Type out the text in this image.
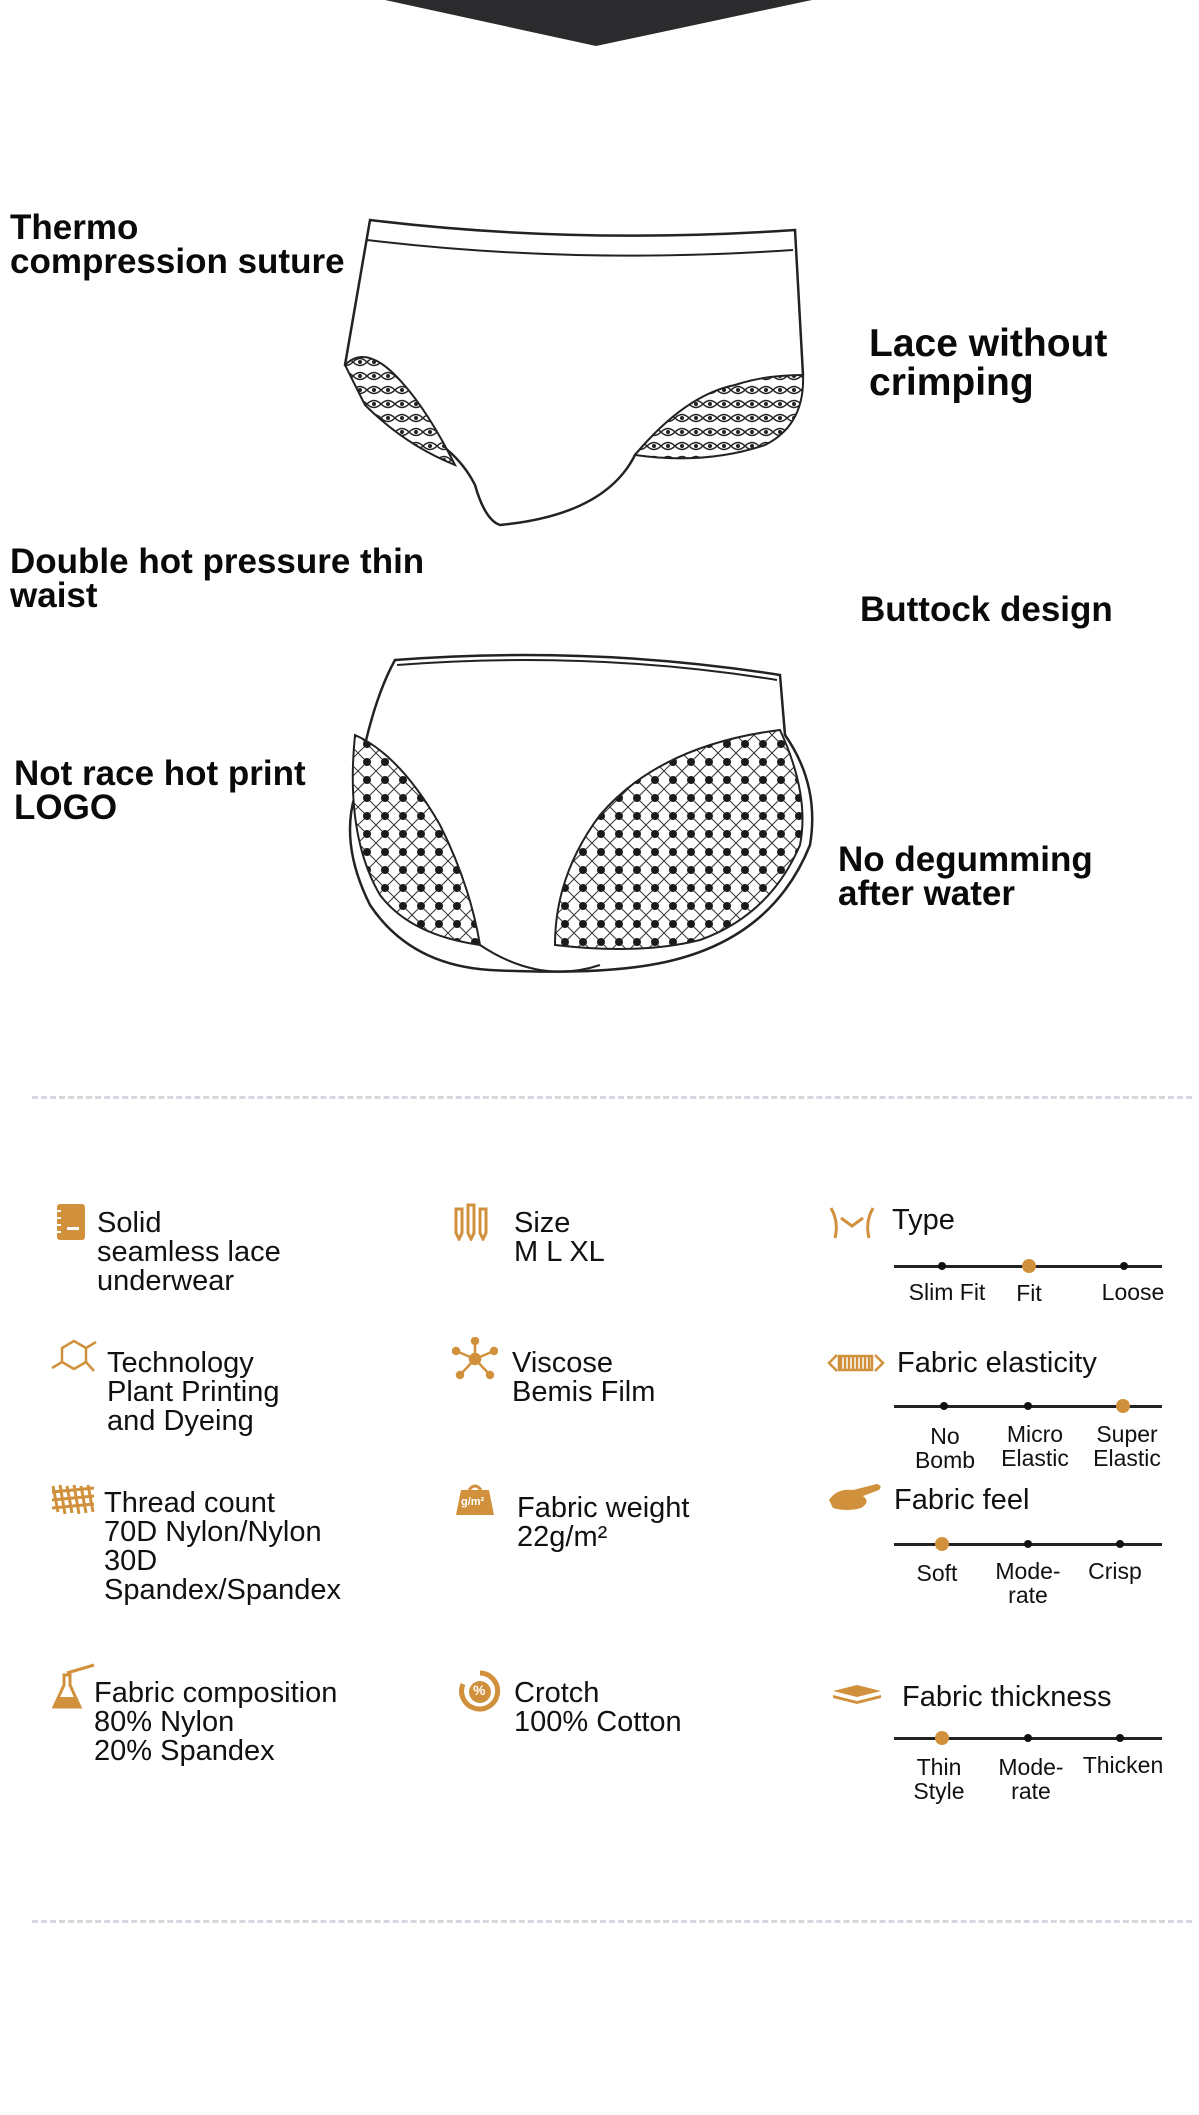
Thermo
compression suture
Lace without
crimping
Double hot pressure thin
waist	Buttock design
Not race hot print
LOGO
No degumming
after water
Solid
seamless lace
underwear
Technology
Plant Printing
and Dyeing
Thread count
70D Nylon/Nylon
30D
Spandex/Spandex
Fabric composition
80% Nylon
20% Spandex
Size
M L XL
Viscose
Bemis Film
g/m² Fabric weight
22g/m²
% Crotch
100% Cotton
Type
Slim Fit	Fit	Loose
Fabric elasticity
No
Bomb
Micro
Elastic
Super
Elastic
Fabric feel
Soft	Mode-
rate
Crisp
Fabric thickness
Thin
Style
Mode-
rate
Thicken
